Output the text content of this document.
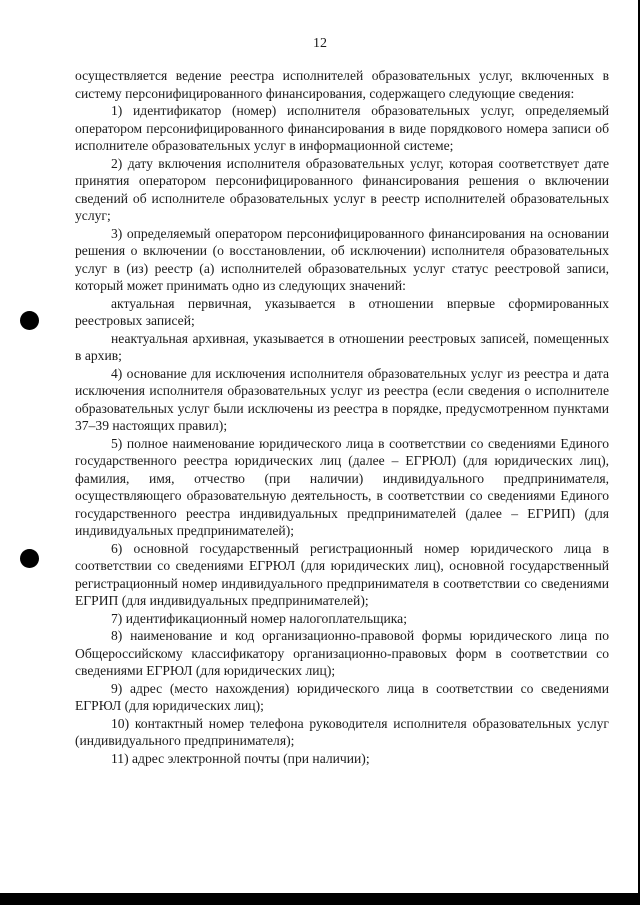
12

осуществляется ведение реестра исполнителей образовательных услуг, включенных в систему персонифицированного финансирования, содержащего следующие сведения:

1) идентификатор (номер) исполнителя образовательных услуг, определяемый оператором персонифицированного финансирования в виде порядкового номера записи об исполнителе образовательных услуг в информационной системе;

2) дату включения исполнителя образовательных услуг, которая соответствует дате принятия оператором персонифицированного финансирования решения о включении сведений об исполнителе образовательных услуг в реестр исполнителей образовательных услуг;

3) определяемый оператором персонифицированного финансирования на основании решения о включении (о восстановлении, об исключении) исполнителя образовательных услуг в (из) реестр (а) исполнителей образовательных услуг статус реестровой записи, который может принимать одно из следующих значений:

актуальная первичная, указывается в отношении впервые сформированных реестровых записей;

неактуальная архивная, указывается в отношении реестровых записей, помещенных в архив;

4) основание для исключения исполнителя образовательных услуг из реестра и дата исключения исполнителя образовательных услуг из реестра (если сведения о исполнителе образовательных услуг были исключены из реестра в порядке, предусмотренном пунктами 37–39 настоящих правил);

5) полное наименование юридического лица в соответствии со сведениями Единого государственного реестра юридических лиц (далее – ЕГРЮЛ) (для юридических лиц), фамилия, имя, отчество (при наличии) индивидуального предпринимателя, осуществляющего образовательную деятельность, в соответствии со сведениями Единого государственного реестра индивидуальных предпринимателей (далее – ЕГРИП) (для индивидуальных предпринимателей);

6) основной государственный регистрационный номер юридического лица в соответствии со сведениями ЕГРЮЛ (для юридических лиц), основной государственный регистрационный номер индивидуального предпринимателя в соответствии со сведениями ЕГРИП (для индивидуальных предпринимателей);

7) идентификационный номер налогоплательщика;

8) наименование и код организационно-правовой формы юридического лица по Общероссийскому классификатору организационно-правовых форм в соответствии со сведениями ЕГРЮЛ (для юридических лиц);

9) адрес (место нахождения) юридического лица в соответствии со сведениями ЕГРЮЛ (для юридических лиц);

10) контактный номер телефона руководителя исполнителя образовательных услуг (индивидуального предпринимателя);

11) адрес электронной почты (при наличии);
